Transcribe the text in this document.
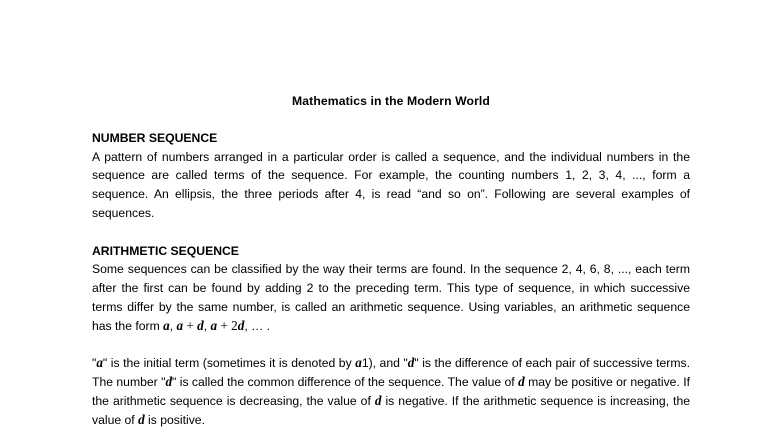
Mathematics in the Modern World

NUMBER SEQUENCE

A pattern of numbers arranged in a particular order is called a sequence, and the individual numbers in the sequence are called terms of the sequence. For example, the counting numbers 1, 2, 3, 4, ..., form a sequence. An ellipsis, the three periods after 4, is read “and so on”. Following are several examples of sequences.

ARITHMETIC SEQUENCE

Some sequences can be classified by the way their terms are found. In the sequence 2, 4, 6, 8, ..., each term after the first can be found by adding 2 to the preceding term. This type of sequence, in which successive terms differ by the same number, is called an arithmetic sequence. Using variables, an arithmetic sequence has the form a, a + d, a + 2d, … .

"a" is the initial term (sometimes it is denoted by a1), and "d" is the difference of each pair of successive terms. The number "d" is called the common difference of the sequence. The value of d may be positive or negative. If the arithmetic sequence is decreasing, the value of d is negative. If the arithmetic sequence is increasing, the value of d is positive.
